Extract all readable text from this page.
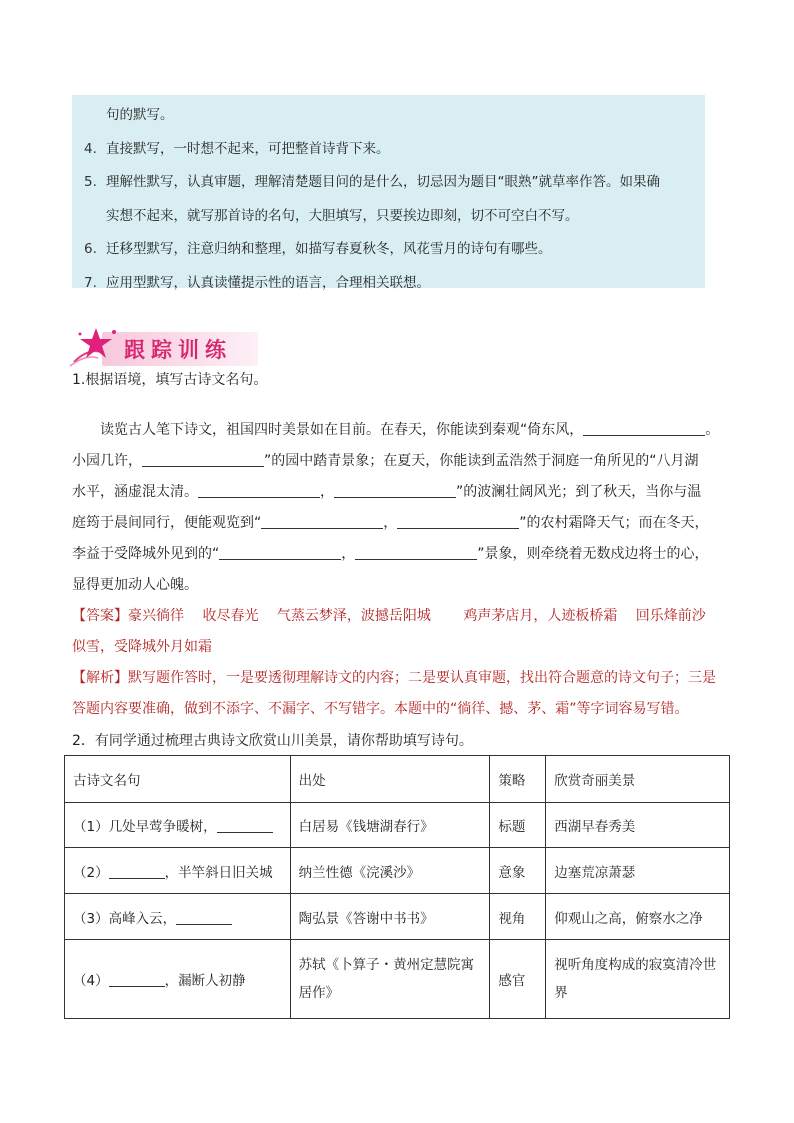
句的默写。
4. 直接默写，一时想不起来，可把整首诗背下来。
5. 理解性默写，认真审题，理解清楚题目问的是什么，切忌因为题目“眼熟”就草率作答。如果确
实想不起来，就写那首诗的名句，大胆填写，只要挨边即刻，切不可空白不写。
6. 迁移型默写，注意归纳和整理，如描写春夏秋冬，风花雪月的诗句有哪些。
7. 应用型默写，认真读懂提示性的语言，合理相关联想。
跟踪训练
1.根据语境，填写古诗文名句。
读览古人笔下诗文，祖国四时美景如在目前。在春天，你能读到秦观“倚东风，	。
小园几许，	”的园中踏青景象；在夏天，你能读到孟浩然于洞庭一角所见的“八月湖
水平，涵虚混太清。	，	”的波澜壮阔风光；到了秋天，当你与温
庭筠于晨间同行，便能观览到“	，	”的农村霜降天气；而在冬天，
李益于受降城外见到的“	，	”景象，则牵绕着无数戍边将士的心，
显得更加动人心魄。
【答案】豪兴徜徉　 收尽春光　 气蒸云梦泽，波撼岳阳城　　 鸡声茅店月，人迹板桥霜　 回乐烽前沙
似雪，受降城外月如霜
【解析】默写题作答时，一是要透彻理解诗文的内容；二是要认真审题，找出符合题意的诗文句子；三是
答题内容要准确，做到不添字、不漏字、不写错字。本题中的“徜徉、撼、茅、霜”等字词容易写错。
2．有同学通过梳理古典诗文欣赏山川美景，请你帮助填写诗句。
古诗文名句	出处	策略	欣赏奇丽美景
（1）几处早莺争暖树，	白居易《钱塘湖春行》	标题	西湖早春秀美
（2） ，半竿斜日旧关城	纳兰性德《浣溪沙》	意象	边塞荒凉萧瑟
（3）高峰入云，	陶弘景《答谢中书书》	视角	仰观山之高，俯察水之净
（4） ，漏断人初静	苏轼《卜算子・黄州定慧院寓居作》	感官	视听角度构成的寂寞清冷世界
